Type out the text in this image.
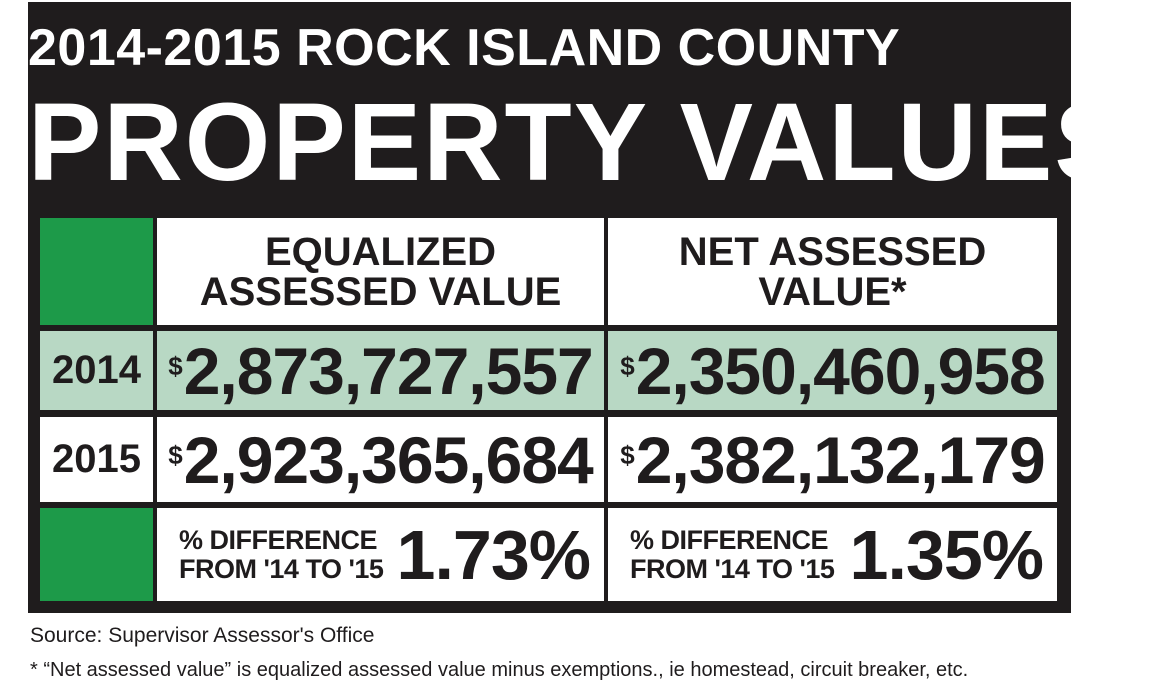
2014-2015 ROCK ISLAND COUNTY
PROPERTY VALUES
EQUALIZED ASSESSED VALUE
NET ASSESSED VALUE*
2014	$ 2,873,727,557 $ 2,350,460,958
2015	$ 2,923,365,684 $ 2,382,132,179
% DIFFERENCE FROM '14 TO '15 1.73% % DIFFERENCE FROM '14 TO '15 1.35%
Source: Supervisor Assessor's Office
* “Net assessed value” is equalized assessed value minus exemptions., ie homestead, circuit breaker, etc.
